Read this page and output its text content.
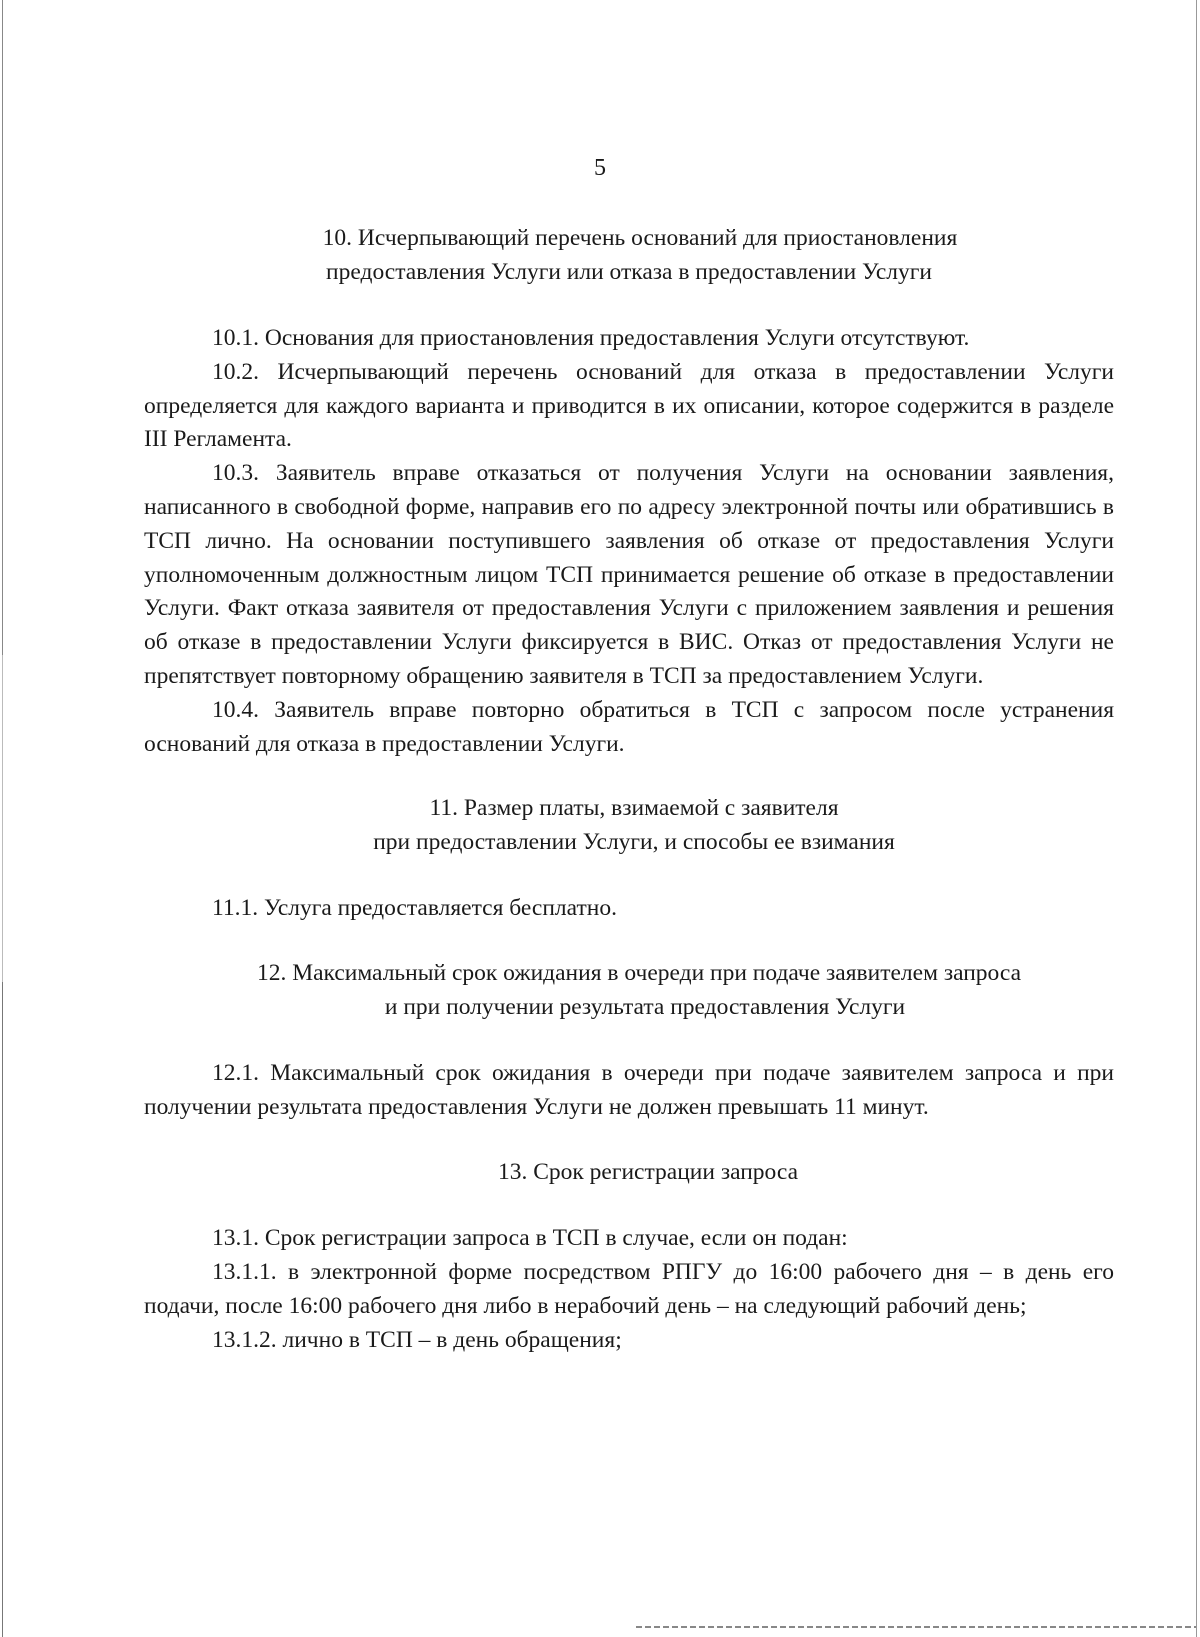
5
10. Исчерпывающий перечень оснований для приостановления
предоставления Услуги или отказа в предоставлении Услуги

10.1. Основания для приостановления предоставления Услуги отсутствуют.

10.2. Исчерпывающий перечень оснований для отказа в предоставлении Услуги определяется для каждого варианта и приводится в их описании, которое содержится в разделе III Регламента.

10.3. Заявитель вправе отказаться от получения Услуги на основании заявления, написанного в свободной форме, направив его по адресу электронной почты или обратившись в ТСП лично. На основании поступившего заявления об отказе от предоставления Услуги уполномоченным должностным лицом ТСП принимается решение об отказе в предоставлении Услуги. Факт отказа заявителя от предоставления Услуги с приложением заявления и решения об отказе в предоставлении Услуги фиксируется в ВИС. Отказ от предоставления Услуги не препятствует повторному обращению заявителя в ТСП за предоставлением Услуги.

10.4. Заявитель вправе повторно обратиться в ТСП с запросом после устранения оснований для отказа в предоставлении Услуги.

11. Размер платы, взимаемой с заявителя
при предоставлении Услуги, и способы ее взимания

11.1. Услуга предоставляется бесплатно.

12. Максимальный срок ожидания в очереди при подаче заявителем запроса
и при получении результата предоставления Услуги

12.1. Максимальный срок ожидания в очереди при подаче заявителем запроса и при получении результата предоставления Услуги не должен превышать 11 минут.

13. Срок регистрации запроса

13.1. Срок регистрации запроса в ТСП в случае, если он подан:

13.1.1. в электронной форме посредством РПГУ до 16:00 рабочего дня – в день его подачи, после 16:00 рабочего дня либо в нерабочий день – на следующий рабочий день;

13.1.2. лично в ТСП – в день обращения;
